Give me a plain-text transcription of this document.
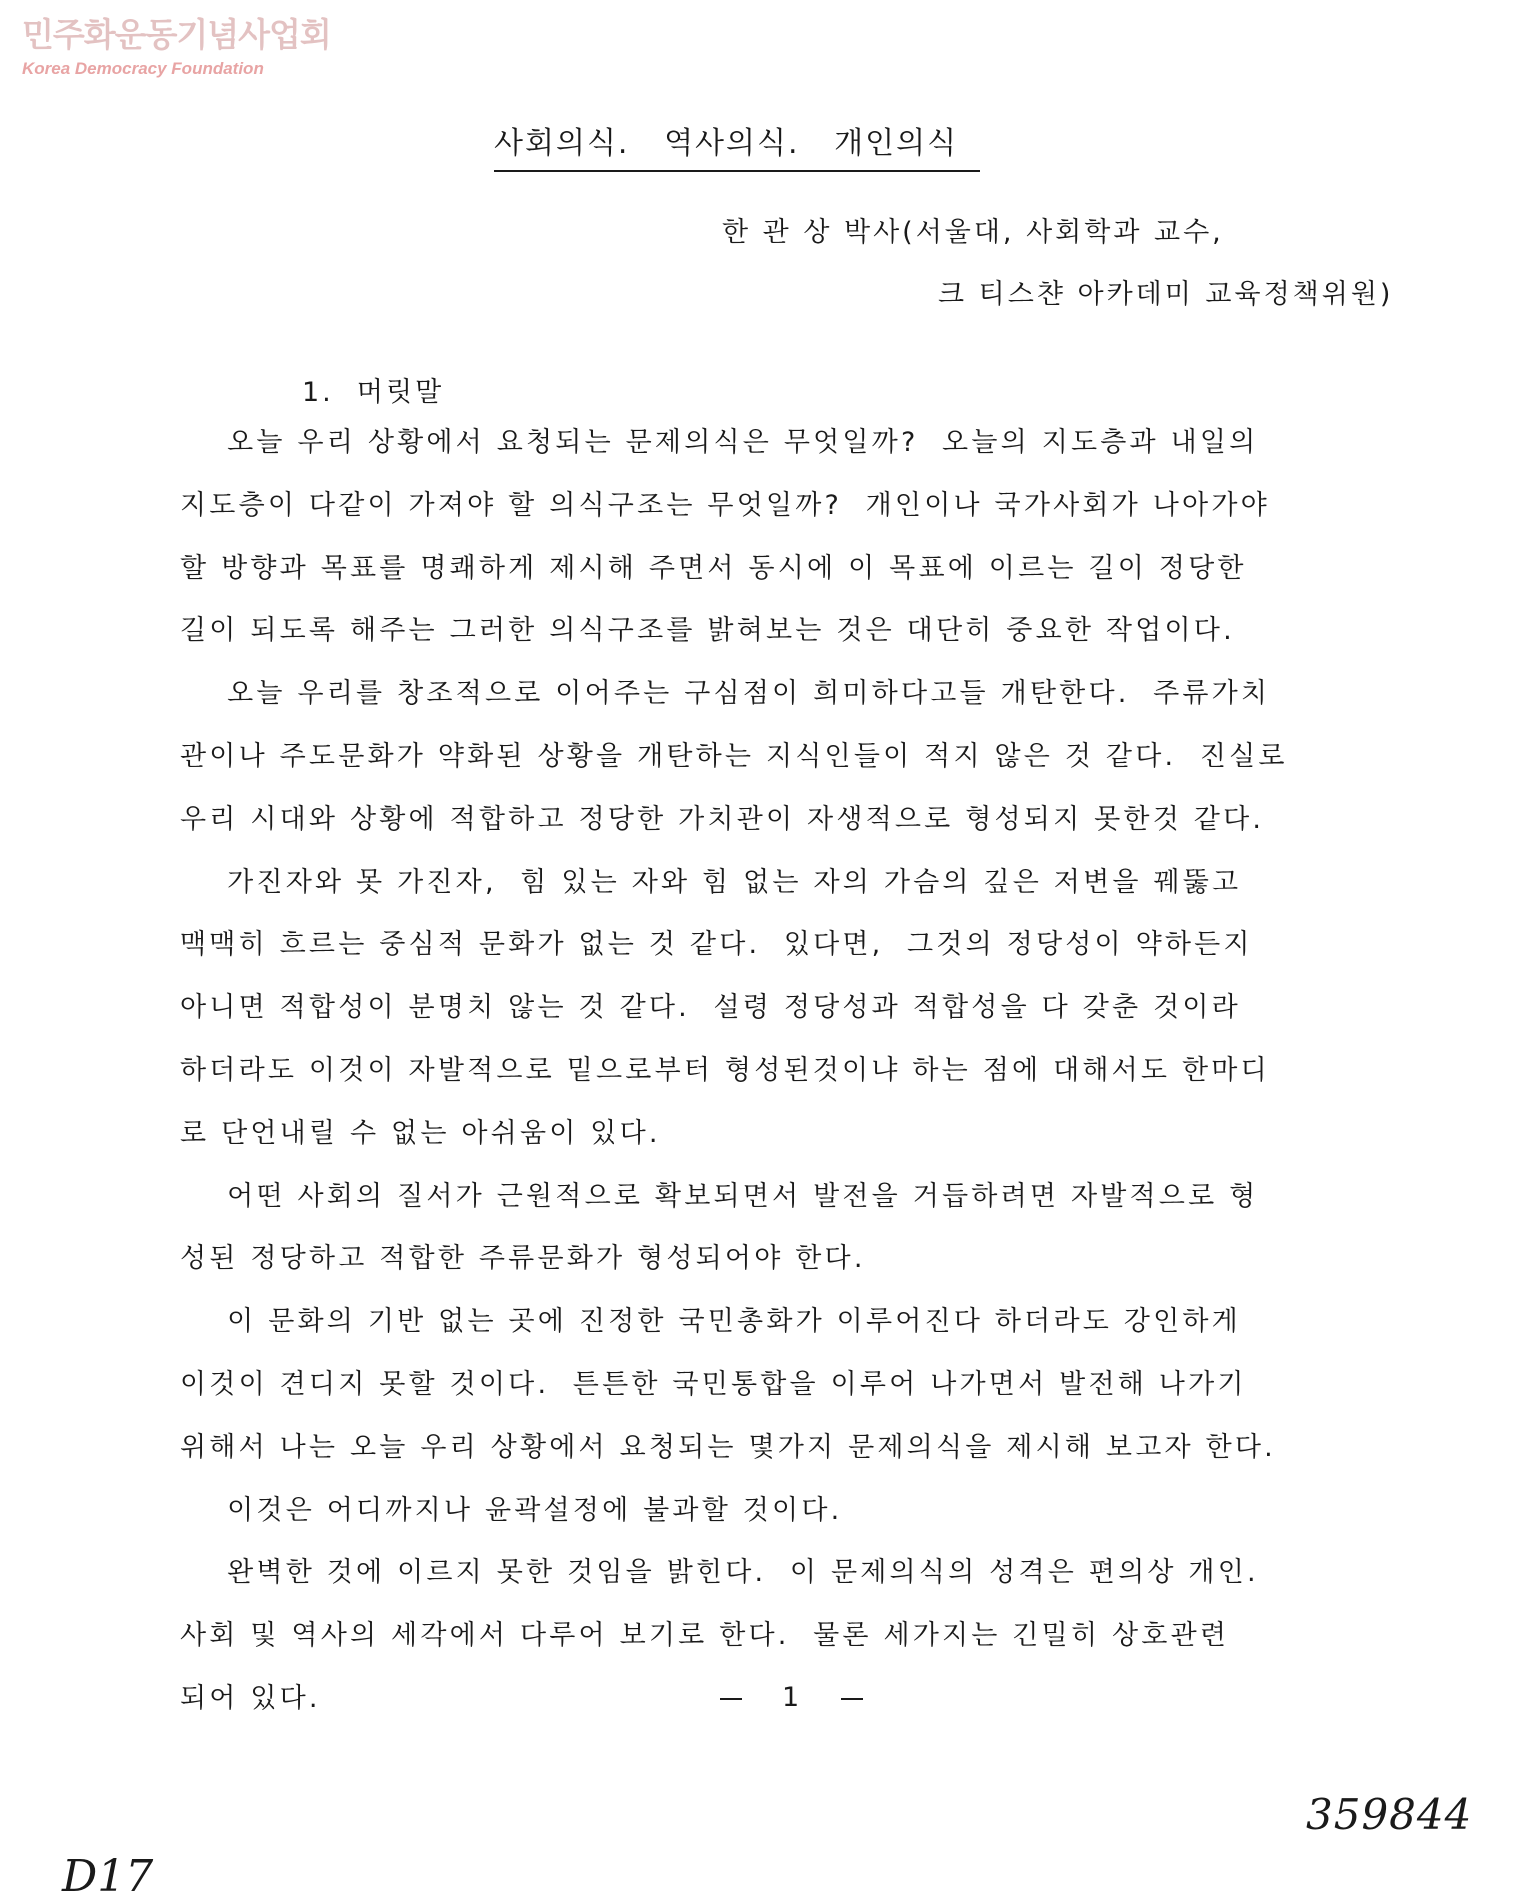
민주화운동기념사업회
Korea Democracy Foundation
사회의식.   역사의식.   개인의식
한 관 상 박사(서울대, 사회학과 교수,
크 티스챤 아카데미 교육정책위원)
1.  머릿말
오늘 우리 상황에서 요청되는 문제의식은 무엇일까?  오늘의 지도층과 내일의
지도층이 다같이 가져야 할 의식구조는 무엇일까?  개인이나 국가사회가 나아가야
할 방향과 목표를 명쾌하게 제시해 주면서 동시에 이 목표에 이르는 길이 정당한
길이 되도록 해주는 그러한 의식구조를 밝혀보는 것은 대단히 중요한 작업이다.
오늘 우리를 창조적으로 이어주는 구심점이 희미하다고들 개탄한다.  주류가치
관이나 주도문화가 약화된 상황을 개탄하는 지식인들이 적지 않은 것 같다.  진실로
우리 시대와 상황에 적합하고 정당한 가치관이 자생적으로 형성되지 못한것 같다.
가진자와 못 가진자,  힘 있는 자와 힘 없는 자의 가슴의 깊은 저변을 꿰뚫고
맥맥히 흐르는 중심적 문화가 없는 것 같다.  있다면,  그것의 정당성이 약하든지
아니면 적합성이 분명치 않는 것 같다.  설령 정당성과 적합성을 다 갖춘 것이라
하더라도 이것이 자발적으로 밑으로부터 형성된것이냐 하는 점에 대해서도 한마디
로 단언내릴 수 없는 아쉬움이 있다.
어떤 사회의 질서가 근원적으로 확보되면서 발전을 거듭하려면 자발적으로 형
성된 정당하고 적합한 주류문화가 형성되어야 한다.
이 문화의 기반 없는 곳에 진정한 국민총화가 이루어진다 하더라도 강인하게
이것이 견디지 못할 것이다.  튼튼한 국민통합을 이루어 나가면서 발전해 나가기
위해서 나는 오늘 우리 상황에서 요청되는 몇가지 문제의식을 제시해 보고자 한다.
이것은 어디까지나 윤곽설정에 불과할 것이다.
완벽한 것에 이르지 못한 것임을 밝힌다.  이 문제의식의 성격은 편의상 개인.
사회 및 역사의 세각에서 다루어 보기로 한다.  물론 세가지는 긴밀히 상호관련
되어 있다.	1
D17
359844
